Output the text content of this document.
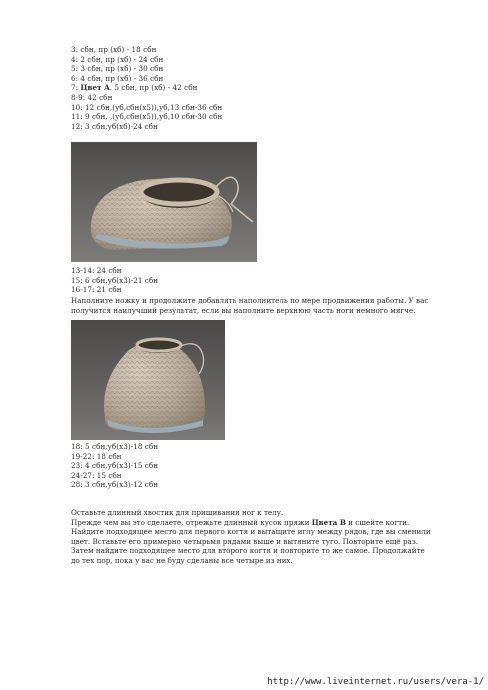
3: сбн, пр (хб) - 18 сбн
4: 2 сбн, пр (хб) - 24 сбн
5: 3 сбн, пр (хб) - 30 сбн
6: 4 сбн, пр (хб) - 36 сбн
7: Цвет A. 5 сбн, пр (хб) - 42 сбн
8-9: 42 сбн
10: 12 сбн,(уб,сбн(х5)),уб,13 сбн-36 сбн
11: 9 сбн, ,(уб,сбн(х5)),уб,10 сбн-30 сбн
12: 3 сбн,уб(хб)-24 сбн
13-14: 24 сбн
15: 6 сбн,уб(х3)-21 сбн
16-17: 21 сбн
Наполните ножку и продолжите добавлять наполнитель по мере продвижения работы. У вас получится наилучший результат, если вы наполните верхнюю часть ноги немного мягче.
18: 5 сбн,уб(х3)-18 сбн
19-22: 18 сбн
23: 4 сбн,уб(х3)-15 сбн
24-27: 15 сбн
28: 3 сбн,уб(х3)-12 сбн
Оставьте длинный хвостик для пришивания ног к телу.
Прежде чем вы это сделаете, отрежьте длинный кусок пряжи Цвета B и сшейте когти. Найдите подходящее место для первого когтя и вытащите иглу между рядов, где вы сменили цвет. Вставьте его примерно четырьмя рядами выше и вытяните туго. Повторите ещё раз. Затем найдите подходящее место для второго когтя и повторите то же самое. Продолжайте до тех пор, пока у вас не буду сделаны все четыре из них.
http://www.liveinternet.ru/users/vera-1/
